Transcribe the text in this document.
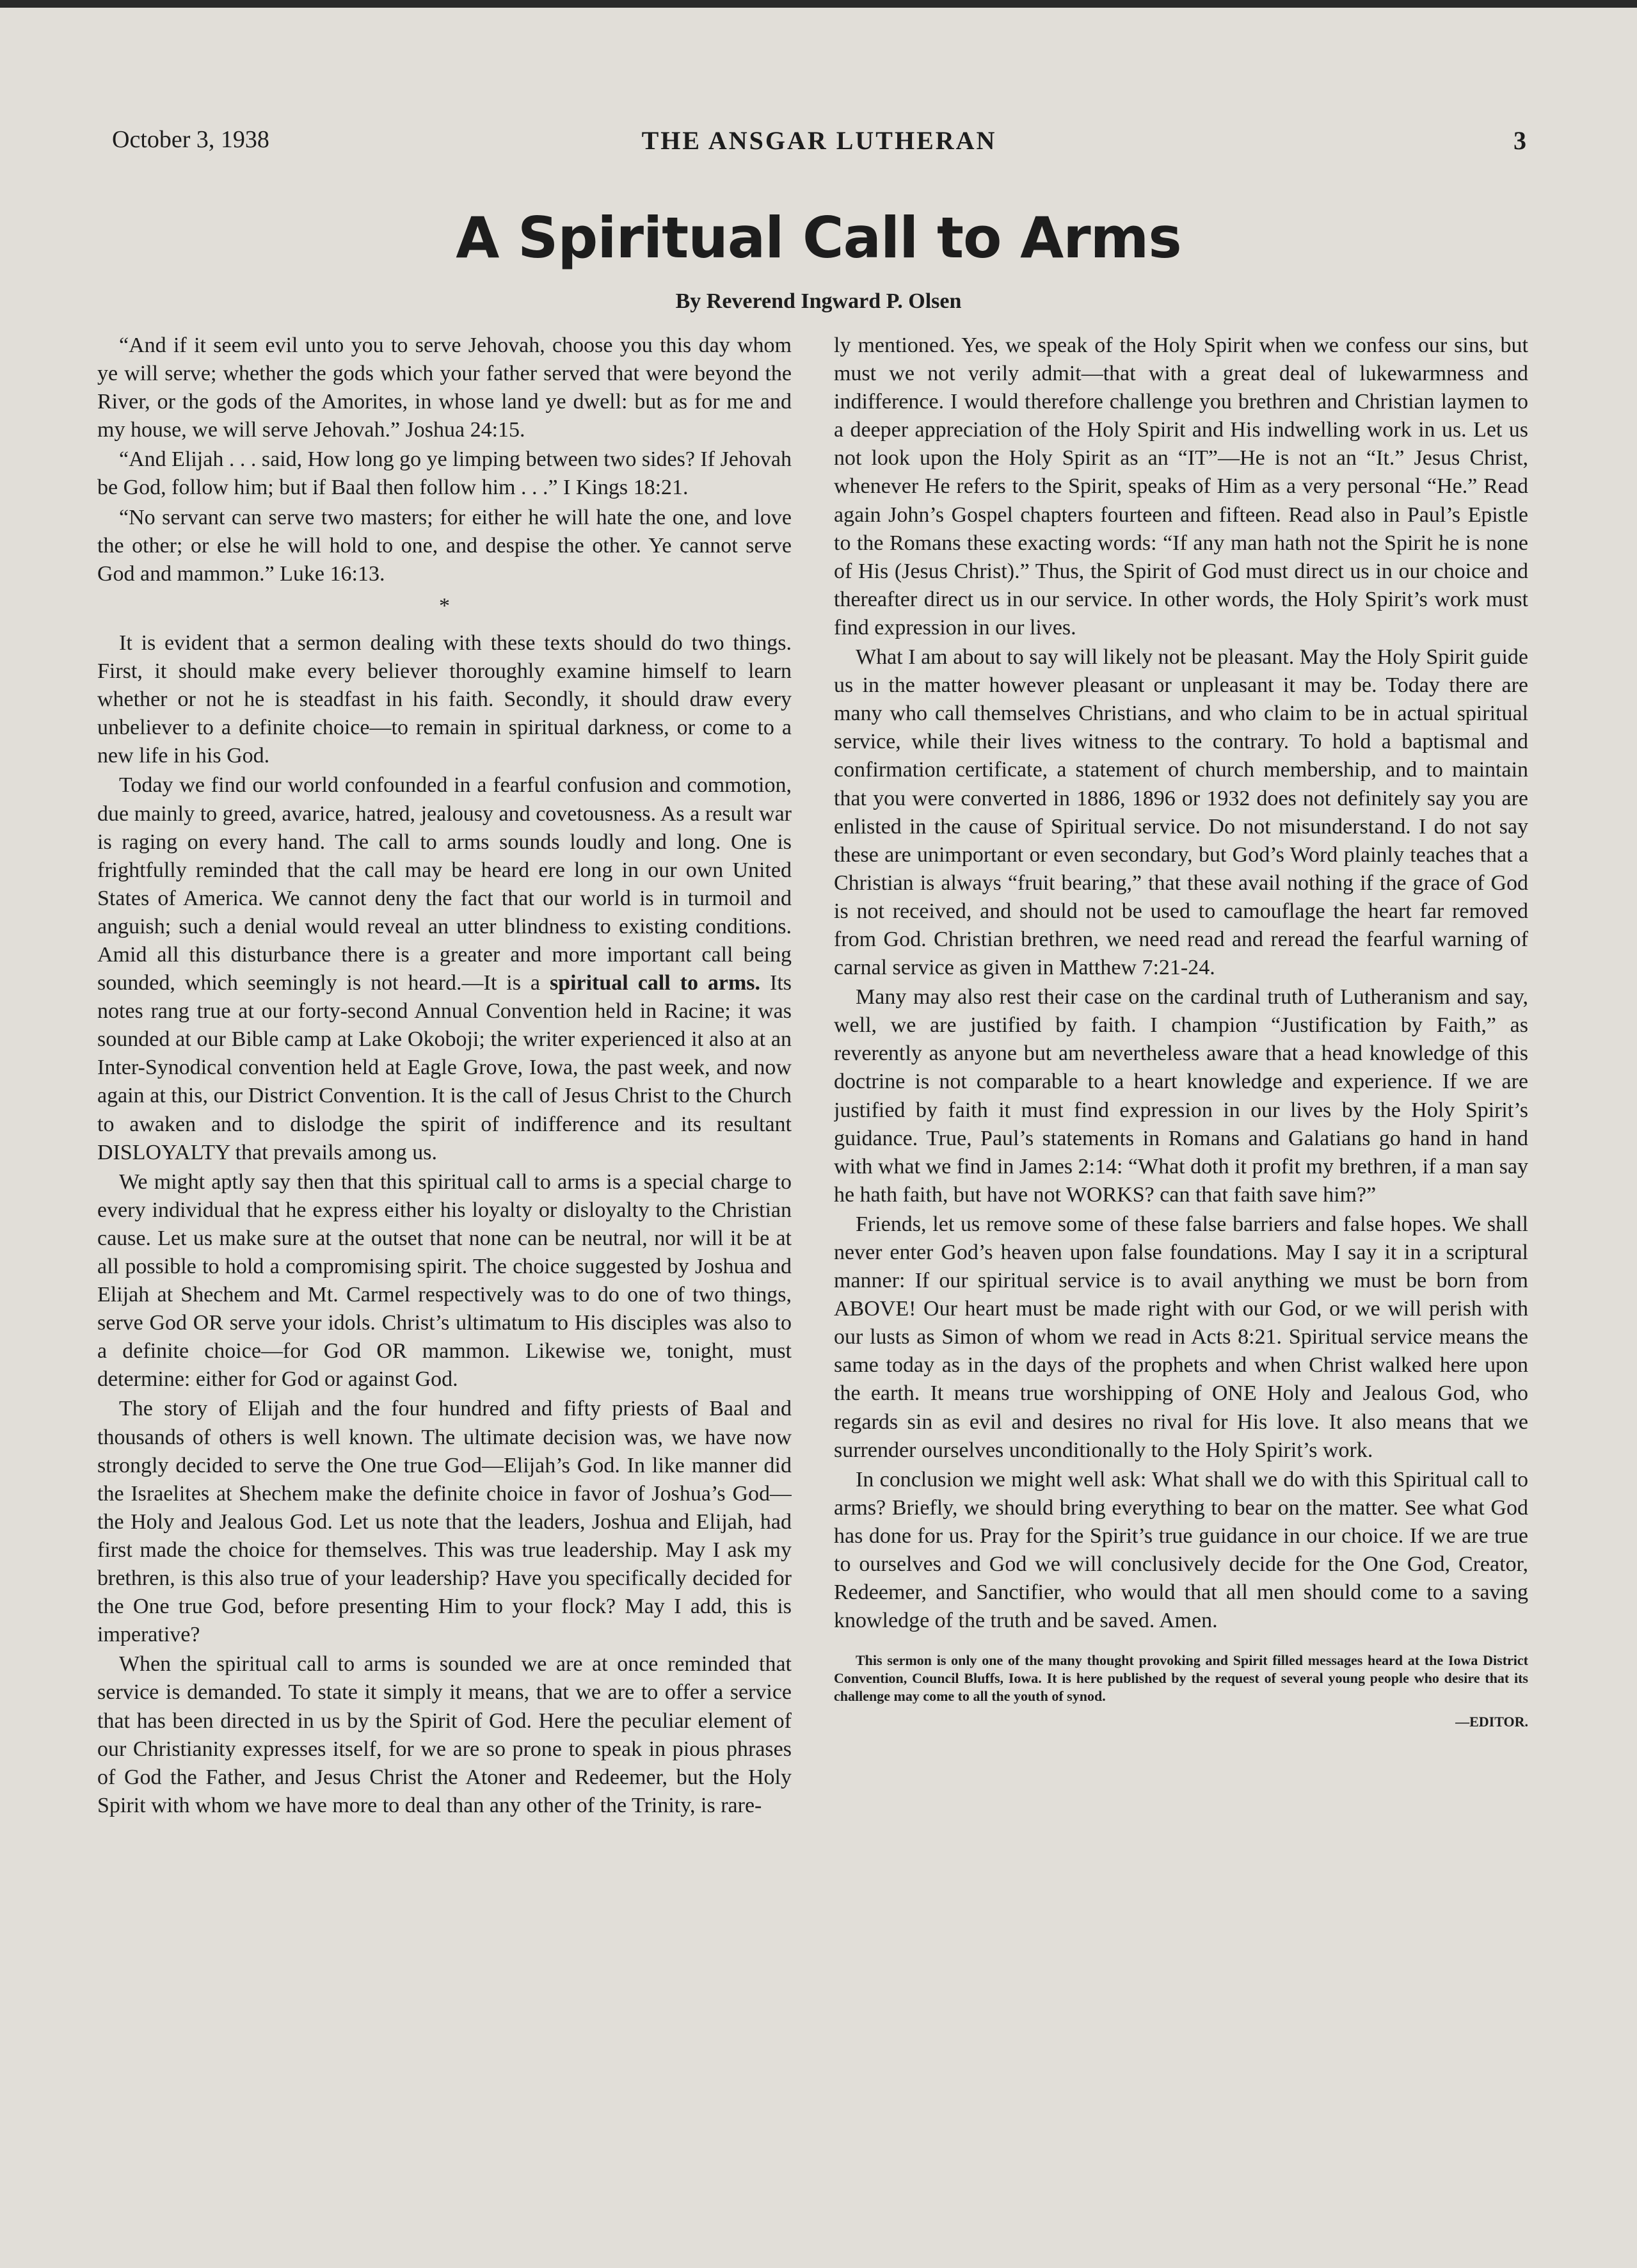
October 3, 1938	THE ANSGAR LUTHERAN	3
A Spiritual Call to Arms
By Reverend Ingward P. Olsen

“And if it seem evil unto you to serve Jehovah, choose you this day whom ye will serve; whether the gods which your father served that were beyond the River, or the gods of the Amorites, in whose land ye dwell: but as for me and my house, we will serve Jehovah.” Joshua 24:15.

“And Elijah . . . said, How long go ye limping between two sides? If Jehovah be God, follow him; but if Baal then follow him . . .” I Kings 18:21.

“No servant can serve two masters; for either he will hate the one, and love the other; or else he will hold to one, and despise the other. Ye cannot serve God and mammon.” Luke 16:13.

*

It is evident that a sermon dealing with these texts should do two things. First, it should make every believer thoroughly examine himself to learn whether or not he is steadfast in his faith. Secondly, it should draw every unbeliever to a definite choice—to remain in spiritual darkness, or come to a new life in his God.

Today we find our world confounded in a fearful confusion and commotion, due mainly to greed, avarice, hatred, jealousy and covetousness. As a result war is raging on every hand. The call to arms sounds loudly and long. One is frightfully reminded that the call may be heard ere long in our own United States of America. We cannot deny the fact that our world is in turmoil and anguish; such a denial would reveal an utter blindness to existing conditions. Amid all this disturbance there is a greater and more important call being sounded, which seemingly is not heard.—It is a spiritual call to arms. Its notes rang true at our forty-second Annual Convention held in Racine; it was sounded at our Bible camp at Lake Okoboji; the writer experienced it also at an Inter-Synodical convention held at Eagle Grove, Iowa, the past week, and now again at this, our District Convention. It is the call of Jesus Christ to the Church to awaken and to dislodge the spirit of indifference and its resultant DISLOYALTY that prevails among us.

We might aptly say then that this spiritual call to arms is a special charge to every individual that he express either his loyalty or disloyalty to the Christian cause. Let us make sure at the outset that none can be neutral, nor will it be at all possible to hold a compromising spirit. The choice suggested by Joshua and Elijah at Shechem and Mt. Carmel respectively was to do one of two things, serve God OR serve your idols. Christ’s ultimatum to His disciples was also to a definite choice—for God OR mammon. Likewise we, tonight, must determine: either for God or against God.

The story of Elijah and the four hundred and fifty priests of Baal and thousands of others is well known. The ultimate decision was, we have now strongly decided to serve the One true God—Elijah’s God. In like manner did the Israelites at Shechem make the definite choice in favor of Joshua’s God—the Holy and Jealous God. Let us note that the leaders, Joshua and Elijah, had first made the choice for themselves. This was true leadership. May I ask my brethren, is this also true of your leadership? Have you specifically decided for the One true God, before presenting Him to your flock? May I add, this is imperative?

When the spiritual call to arms is sounded we are at once reminded that service is demanded. To state it simply it means, that we are to offer a service that has been directed in us by the Spirit of God. Here the peculiar element of our Christianity expresses itself, for we are so prone to speak in pious phrases of God the Father, and Jesus Christ the Atoner and Redeemer, but the Holy Spirit with whom we have more to deal than any other of the Trinity, is rare-

ly mentioned. Yes, we speak of the Holy Spirit when we confess our sins, but must we not verily admit—that with a great deal of lukewarmness and indifference. I would therefore challenge you brethren and Christian laymen to a deeper appreciation of the Holy Spirit and His indwelling work in us. Let us not look upon the Holy Spirit as an “IT”—He is not an “It.” Jesus Christ, whenever He refers to the Spirit, speaks of Him as a very personal “He.” Read again John’s Gospel chapters fourteen and fifteen. Read also in Paul’s Epistle to the Romans these exacting words: “If any man hath not the Spirit he is none of His (Jesus Christ).” Thus, the Spirit of God must direct us in our choice and thereafter direct us in our service. In other words, the Holy Spirit’s work must find expression in our lives.

What I am about to say will likely not be pleasant. May the Holy Spirit guide us in the matter however pleasant or unpleasant it may be. Today there are many who call themselves Christians, and who claim to be in actual spiritual service, while their lives witness to the contrary. To hold a baptismal and confirmation certificate, a statement of church membership, and to maintain that you were converted in 1886, 1896 or 1932 does not definitely say you are enlisted in the cause of Spiritual service. Do not misunderstand. I do not say these are unimportant or even secondary, but God’s Word plainly teaches that a Christian is always “fruit bearing,” that these avail nothing if the grace of God is not received, and should not be used to camouflage the heart far removed from God. Christian brethren, we need read and reread the fearful warning of carnal service as given in Matthew 7:21-24.

Many may also rest their case on the cardinal truth of Lutheranism and say, well, we are justified by faith. I champion “Justification by Faith,” as reverently as anyone but am nevertheless aware that a head knowledge of this doctrine is not comparable to a heart knowledge and experience. If we are justified by faith it must find expression in our lives by the Holy Spirit’s guidance. True, Paul’s statements in Romans and Galatians go hand in hand with what we find in James 2:14: “What doth it profit my brethren, if a man say he hath faith, but have not WORKS? can that faith save him?”

Friends, let us remove some of these false barriers and false hopes. We shall never enter God’s heaven upon false foundations. May I say it in a scriptural manner: If our spiritual service is to avail anything we must be born from ABOVE! Our heart must be made right with our God, or we will perish with our lusts as Simon of whom we read in Acts 8:21. Spiritual service means the same today as in the days of the prophets and when Christ walked here upon the earth. It means true worshipping of ONE Holy and Jealous God, who regards sin as evil and desires no rival for His love. It also means that we surrender ourselves unconditionally to the Holy Spirit’s work.

In conclusion we might well ask: What shall we do with this Spiritual call to arms? Briefly, we should bring everything to bear on the matter. See what God has done for us. Pray for the Spirit’s true guidance in our choice. If we are true to ourselves and God we will conclusively decide for the One God, Creator, Redeemer, and Sanctifier, who would that all men should come to a saving knowledge of the truth and be saved. Amen.

This sermon is only one of the many thought provoking and Spirit filled messages heard at the Iowa District Convention, Council Bluffs, Iowa. It is here published by the request of several young people who desire that its challenge may come to all the youth of synod.
—EDITOR.
